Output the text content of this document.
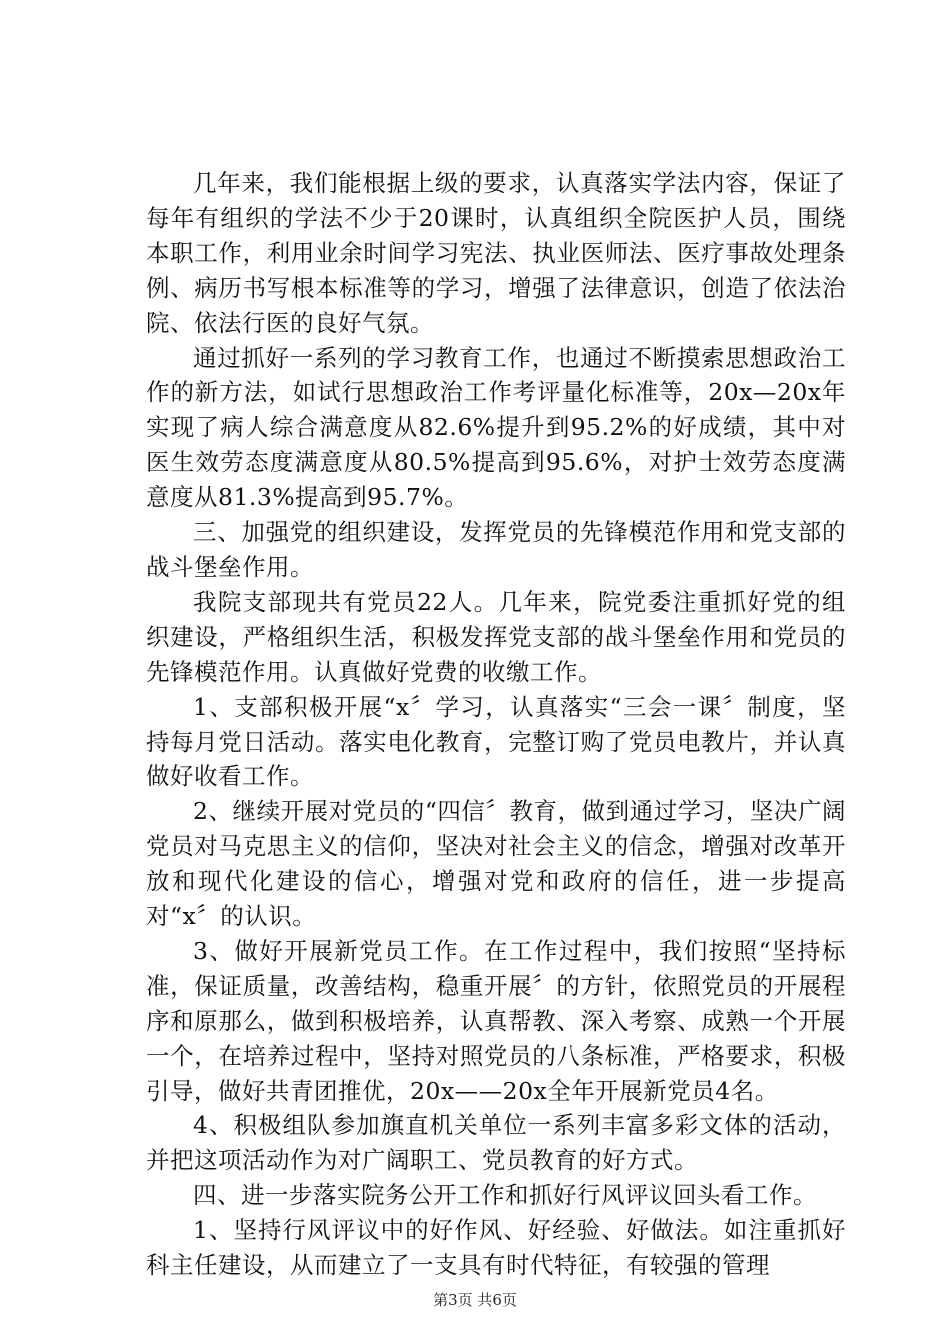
几年来，我们能根据上级的要求，认真落实学法内容，保证了每年有组织的学法不少于20课时，认真组织全院医护人员，围绕本职工作，利用业余时间学习宪法、执业医师法、医疗事故处理条例、病历书写根本标准等的学习，增强了法律意识，创造了依法治院、依法行医的良好气氛。

通过抓好一系列的学习教育工作，也通过不断摸索思想政治工作的新方法，如试行思想政治工作考评量化标准等，20x—20x年实现了病人综合满意度从82.6%提升到95.2%的好成绩，其中对医生效劳态度满意度从80.5%提高到95.6%，对护士效劳态度满意度从81.3%提高到95.7%。

三、加强党的组织建设，发挥党员的先锋模范作用和党支部的战斗堡垒作用。

我院支部现共有党员22人。几年来，院党委注重抓好党的组织建设，严格组织生活，积极发挥党支部的战斗堡垒作用和党员的先锋模范作用。认真做好党费的收缴工作。

1、支部积极开展“x〞学习，认真落实“三会一课〞制度，坚持每月党日活动。落实电化教育，完整订购了党员电教片，并认真做好收看工作。

2、继续开展对党员的“四信〞教育，做到通过学习，坚决广阔党员对马克思主义的信仰，坚决对社会主义的信念，增强对改革开放和现代化建设的信心，增强对党和政府的信任，进一步提高对“x〞的认识。

3、做好开展新党员工作。在工作过程中，我们按照“坚持标准，保证质量，改善结构，稳重开展〞的方针，依照党员的开展程序和原那么，做到积极培养，认真帮教、深入考察、成熟一个开展一个，在培养过程中，坚持对照党员的八条标准，严格要求，积极引导，做好共青团推优，20x——20x全年开展新党员4名。

4、积极组队参加旗直机关单位一系列丰富多彩文体的活动，并把这项活动作为对广阔职工、党员教育的好方式。

四、进一步落实院务公开工作和抓好行风评议回头看工作。

1、坚持行风评议中的好作风、好经验、好做法。如注重抓好科主任建设，从而建立了一支具有时代特征，有较强的管理

第3页 共6页
